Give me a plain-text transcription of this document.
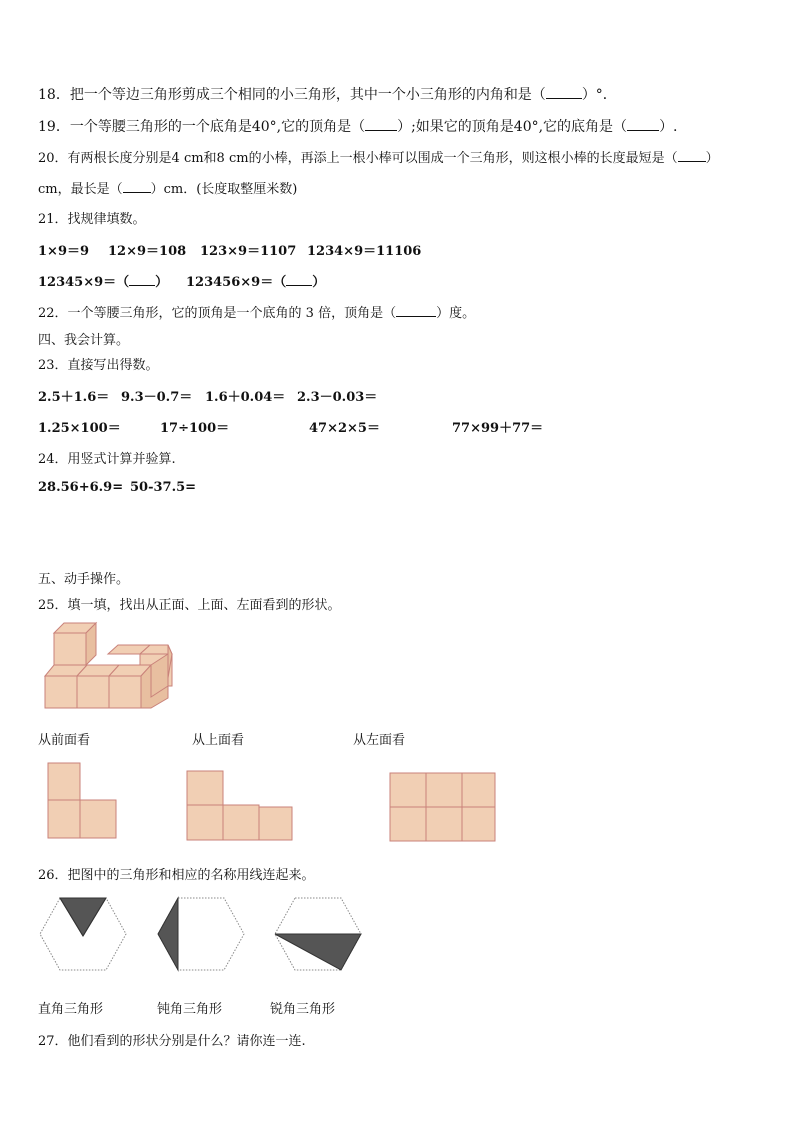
18．把一个等边三角形剪成三个相同的小三角形，其中一个小三角形的内角和是（	）°．
19．一个等腰三角形的一个底角是40°,它的顶角是（ ）;如果它的顶角是40°,它的底角是（ ）.
20．有两根长度分别是4 cm和8 cm的小棒，再添上一根小棒可以围成一个三角形，则这根小棒的长度最短是（ ）
cm，最长是（ ）cm．(长度取整厘米数)
21．找规律填数。
1×9＝9 12×9＝108 123×9＝1107 1234×9＝11106
12345×9＝（ ） 123456×9＝（ ）
22．一个等腰三角形，它的顶角是一个底角的 3 倍，顶角是（	）度。
四、我会计算。
23．直接写出得数。
2.5＋1.6＝ 9.3－0.7＝ 1.6＋0.04＝ 2.3－0.03＝
1.25×100＝	17÷100＝	47×2×5＝	77×99＋77＝
24．用竖式计算并验算.
28.56+6.9= 50-37.5=
五、动手操作。
25．填一填，找出从正面、上面、左面看到的形状。
从前面看	从上面看	从左面看
26．把图中的三角形和相应的名称用线连起来。
直角三角形	钝角三角形	锐角三角形
27．他们看到的形状分别是什么？请你连一连.
